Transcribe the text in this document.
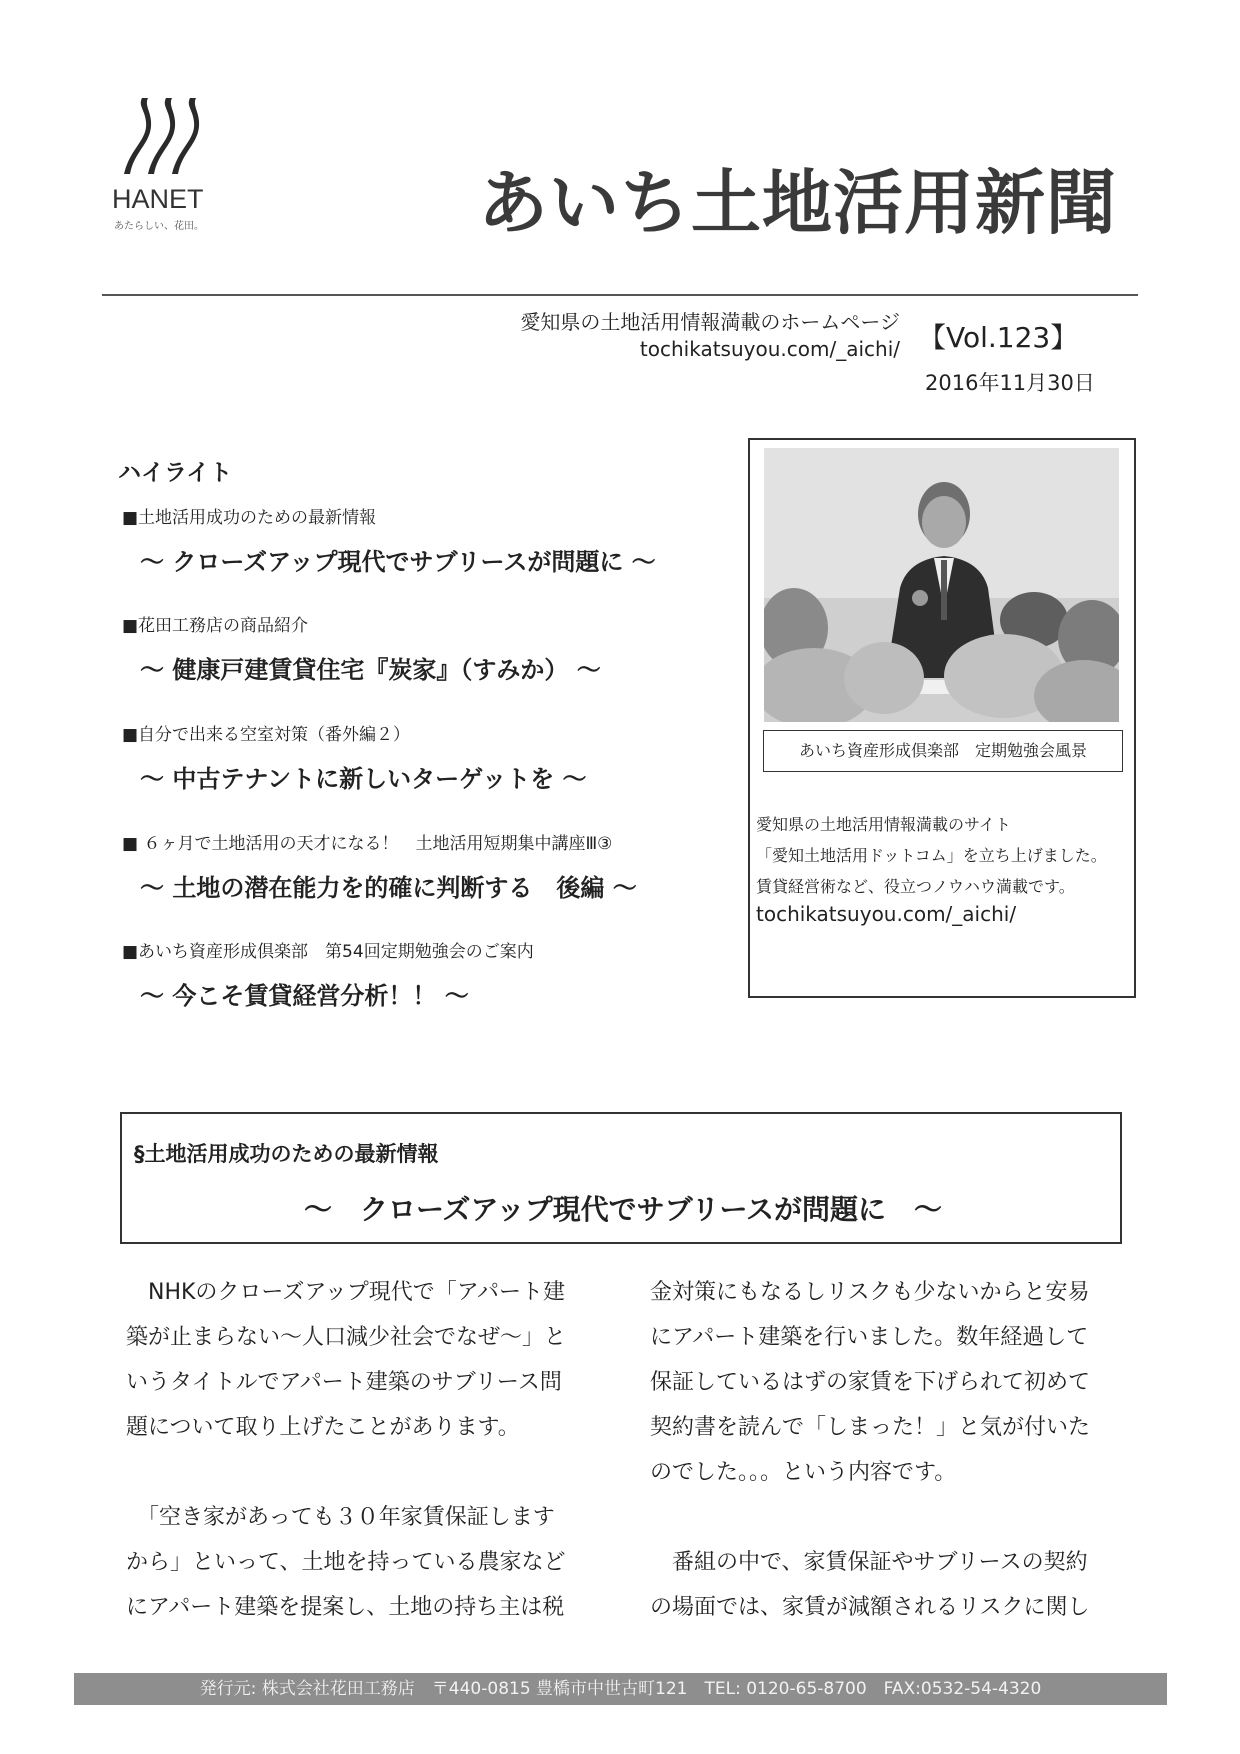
HANET
あたらしい、花田。	あいち土地活用新聞
愛知県の土地活用情報満載のホームページ
tochikatsuyou.com/_aichi/ 【Vol.123】
2016年11月30日
ハイライト
■土地活用成功のための最新情報
～ クローズアップ現代でサブリースが問題に ～
■花田工務店の商品紹介
～ 健康戸建賃貸住宅『炭家』（すみか） ～
■自分で出来る空室対策（番外編２）
～ 中古テナントに新しいターゲットを ～
■ ６ヶ月で土地活用の天才になる！　土地活用短期集中講座Ⅲ③
～ 土地の潜在能力を的確に判断する　後編 ～
■あいち資産形成倶楽部　第54回定期勉強会のご案内
～ 今こそ賃貸経営分析！！ ～
あいち資産形成倶楽部　定期勉強会風景
愛知県の土地活用情報満載のサイト
「愛知土地活用ドットコム」を立ち上げました。
賃貸経営術など、役立つノウハウ満載です。
tochikatsuyou.com/_aichi/
§土地活用成功のための最新情報
～　クローズアップ現代でサブリースが問題に　～
　NHKのクローズアップ現代で「アパート建
築が止まらない～人口減少社会でなぜ～」と
いうタイトルでアパート建築のサブリース問
題について取り上げたことがあります。
　「空き家があっても３０年家賃保証します
から」といって、土地を持っている農家など
にアパート建築を提案し、土地の持ち主は税
金対策にもなるしリスクも少ないからと安易
にアパート建築を行いました。数年経過して
保証しているはずの家賃を下げられて初めて
契約書を読んで「しまった！」と気が付いた
のでした。。。という内容です。
　番組の中で、家賃保証やサブリースの契約
の場面では、家賃が減額されるリスクに関し
発行元: 株式会社花田工務店　〒440-0815 豊橋市中世古町121　TEL: 0120-65-8700　FAX:0532-54-4320
